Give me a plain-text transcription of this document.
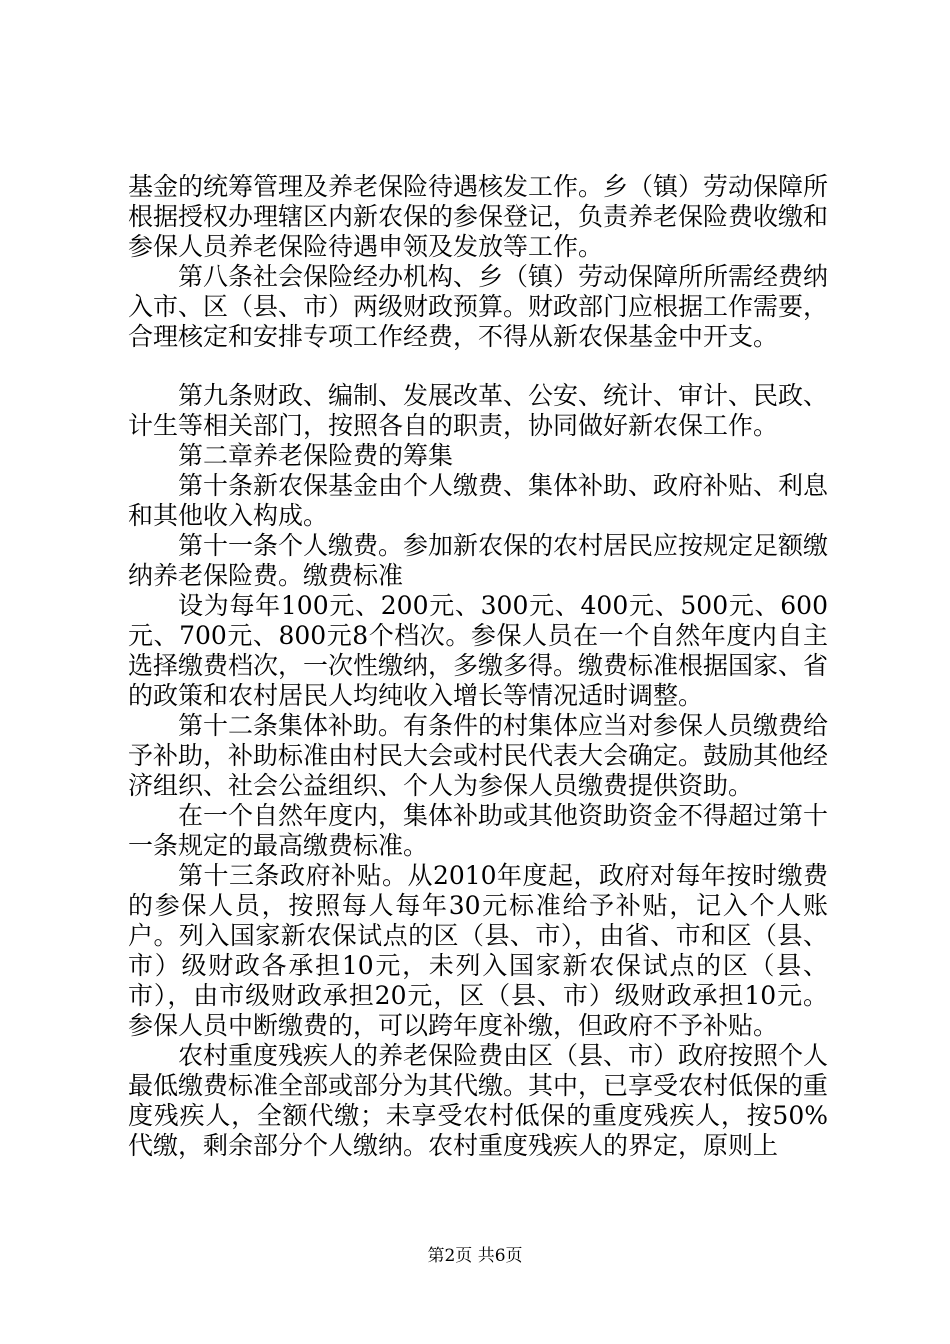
基金的统筹管理及养老保险待遇核发工作。乡（镇）劳动保障所根据授权办理辖区内新农保的参保登记，负责养老保险费收缴和参保人员养老保险待遇申领及发放等工作。

第八条社会保险经办机构、乡（镇）劳动保障所所需经费纳入市、区（县、市）两级财政预算。财政部门应根据工作需要，合理核定和安排专项工作经费，不得从新农保基金中开支。

第九条财政、编制、发展改革、公安、统计、审计、民政、计生等相关部门，按照各自的职责，协同做好新农保工作。

第二章养老保险费的筹集

第十条新农保基金由个人缴费、集体补助、政府补贴、利息和其他收入构成。

第十一条个人缴费。参加新农保的农村居民应按规定足额缴纳养老保险费。缴费标准

设为每年100元、200元、300元、400元、500元、600元、700元、800元8个档次。参保人员在一个自然年度内自主选择缴费档次，一次性缴纳，多缴多得。缴费标准根据国家、省的政策和农村居民人均纯收入增长等情况适时调整。

第十二条集体补助。有条件的村集体应当对参保人员缴费给予补助，补助标准由村民大会或村民代表大会确定。鼓励其他经济组织、社会公益组织、个人为参保人员缴费提供资助。

在一个自然年度内，集体补助或其他资助资金不得超过第十一条规定的最高缴费标准。

第十三条政府补贴。从2010年度起，政府对每年按时缴费的参保人员，按照每人每年30元标准给予补贴，记入个人账户。列入国家新农保试点的区（县、市），由省、市和区（县、市）级财政各承担10元，未列入国家新农保试点的区（县、市），由市级财政承担20元，区（县、市）级财政承担10元。参保人员中断缴费的，可以跨年度补缴，但政府不予补贴。

农村重度残疾人的养老保险费由区（县、市）政府按照个人最低缴费标准全部或部分为其代缴。其中，已享受农村低保的重度残疾人，全额代缴；未享受农村低保的重度残疾人，按50%代缴，剩余部分个人缴纳。农村重度残疾人的界定，原则上

第2页 共6页
